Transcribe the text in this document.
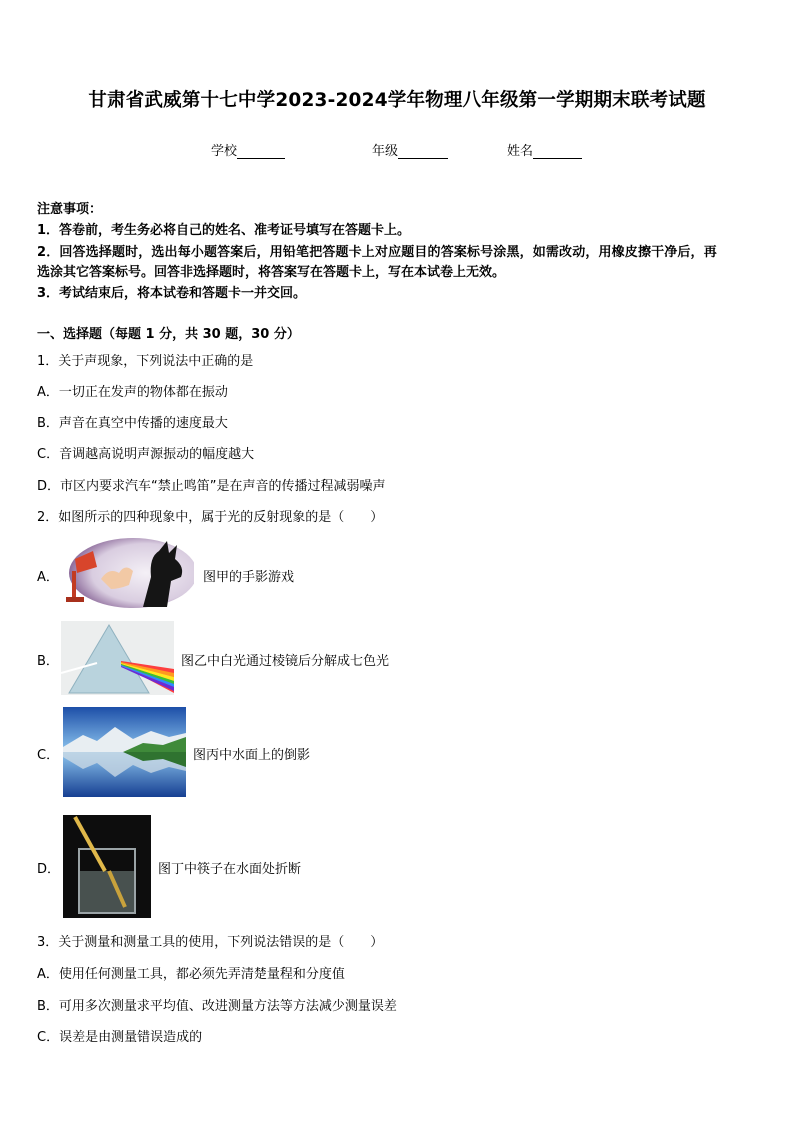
甘肃省武威第十七中学2023-2024学年物理八年级第一学期期末联考试题
学校	年级	姓名
注意事项：
1．答卷前，考生务必将自己的姓名、准考证号填写在答题卡上。
2．回答选择题时，选出每小题答案后，用铅笔把答题卡上对应题目的答案标号涂黑，如需改动，用橡皮擦干净后，再
选涂其它答案标号。回答非选择题时，将答案写在答题卡上，写在本试卷上无效。
3．考试结束后，将本试卷和答题卡一并交回。
一、选择题（每题 1 分，共 30 题，30 分）
1．关于声现象，下列说法中正确的是
A．一切正在发声的物体都在振动
B．声音在真空中传播的速度最大
C．音调越高说明声源振动的幅度越大
D．市区内要求汽车“禁止鸣笛”是在声音的传播过程减弱噪声
2．如图所示的四种现象中，属于光的反射现象的是（　　）
A．	图甲的手影游戏
B．	图乙中白光通过棱镜后分解成七色光
C．	图丙中水面上的倒影
D．	图丁中筷子在水面处折断
3．关于测量和测量工具的使用，下列说法错误的是（　　）
A．使用任何测量工具，都必须先弄清楚量程和分度值
B．可用多次测量求平均值、改进测量方法等方法减少测量误差
C．误差是由测量错误造成的
